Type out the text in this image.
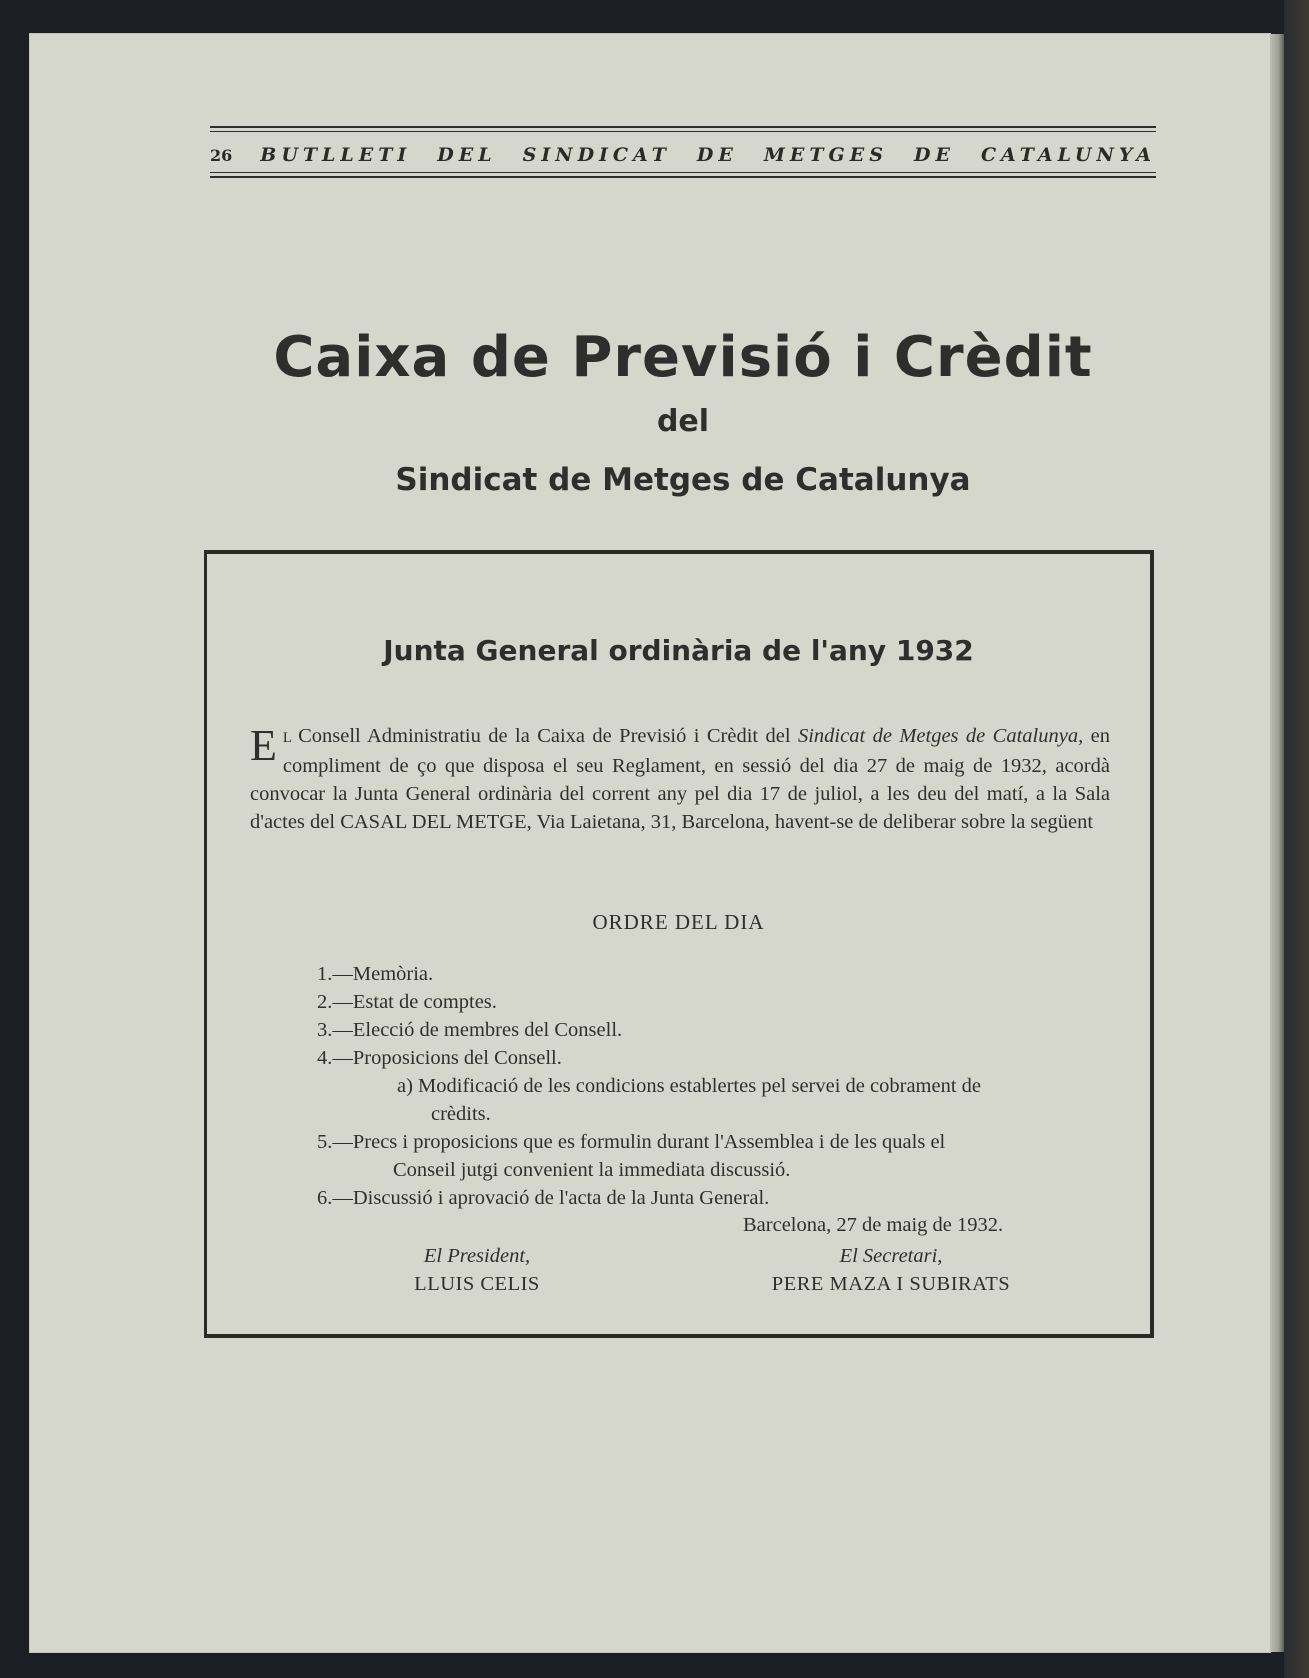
26 BUTLLETI DEL SINDICAT DE METGES DE CATALUNYA
Caixa de Previsió i Crèdit
del
Sindicat de Metges de Catalunya
Junta General ordinària de l'any 1932
E L Consell Administratiu de la Caixa de Previsió i Crèdit del Sindicat de Metges de Catalunya, en compliment de ço que disposa el seu Reglament, en sessió del dia 27 de maig de 1932, acordà convocar la Junta General ordinària del corrent any pel dia 17 de juliol, a les deu del matí, a la Sala d'actes del CASAL DEL METGE, Via Laietana, 31, Barcelona, havent-se de deliberar sobre la següent
ORDRE DEL DIA
1.—Memòria.
2.—Estat de comptes.
3.—Elecció de membres del Consell.
4.—Proposicions del Consell.
a) Modificació de les condicions establertes pel servei de cobrament de
crèdits.
5.—Precs i proposicions que es formulin durant l'Assemblea i de les quals el
Conseil jutgi convenient la immediata discussió.
6.—Discussió i aprovació de l'acta de la Junta General.
Barcelona, 27 de maig de 1932.
El President,
LLUIS CELIS
El Secretari,
PERE MAZA I SUBIRATS
